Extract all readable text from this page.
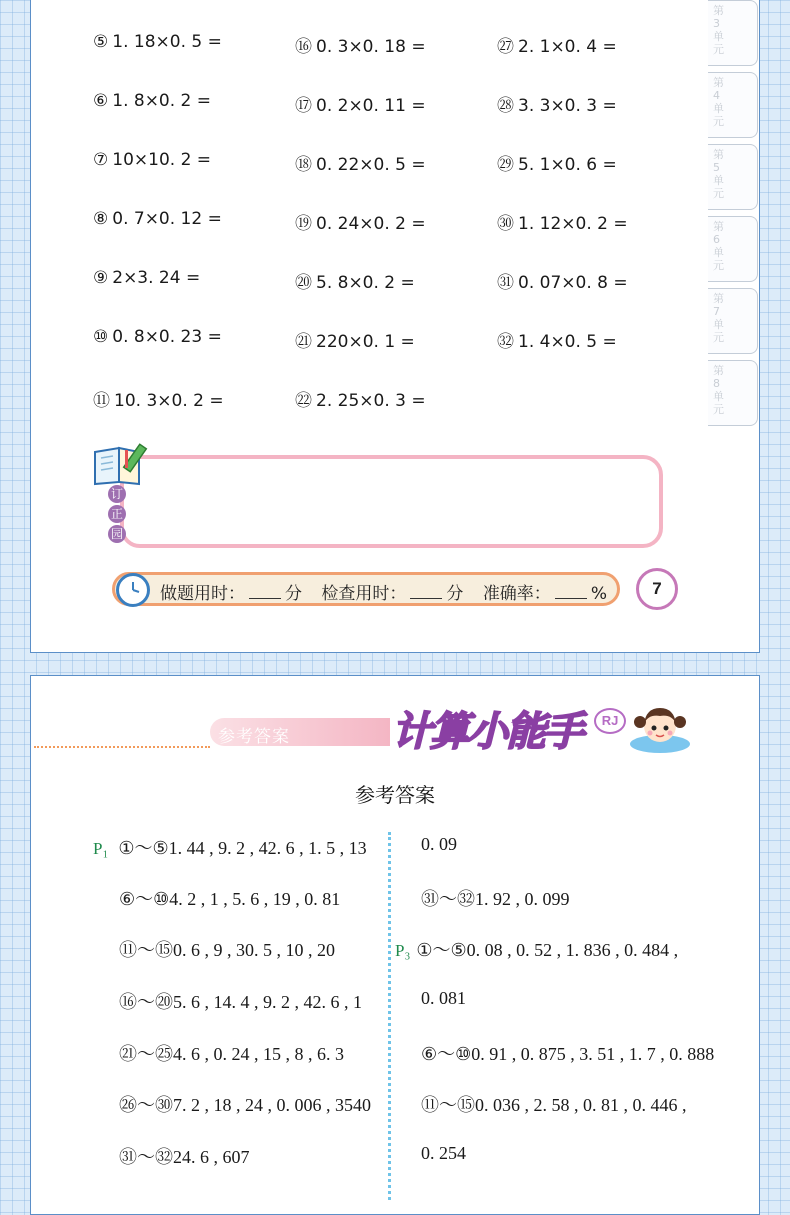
第3单元
第4单元
第5单元
第6单元
第7单元
第8单元
⑤ 1. 18×0. 5 =
⑥ 1. 8×0. 2 =
⑦ 10×10. 2 =
⑧ 0. 7×0. 12 =
⑨ 2×3. 24 =
⑩ 0. 8×0. 23 =
⑪ 10. 3×0. 2 =
⑯ 0. 3×0. 18 =
⑰ 0. 2×0. 11 =
⑱ 0. 22×0. 5 =
⑲ 0. 24×0. 2 =
⑳ 5. 8×0. 2 =
㉑ 220×0. 1 =
㉒ 2. 25×0. 3 =
㉗ 2. 1×0. 4 =
㉘ 3. 3×0. 3 =
㉙ 5. 1×0. 6 =
㉚ 1. 12×0. 2 =
㉛ 0. 07×0. 8 =
㉜ 1. 4×0. 5 =
订
正
园
做题用时： 分 检查用时： 分 准确率： %	7
参考答案	计算小能手	RJ
参考答案
P₁ ①～⑤1. 44 , 9. 2 , 42. 6 , 1. 5 , 13
⑥～⑩4. 2 , 1 , 5. 6 , 19 , 0. 81
⑪～⑮0. 6 , 9 , 30. 5 , 10 , 20
⑯～⑳5. 6 , 14. 4 , 9. 2 , 42. 6 , 1
㉑～㉕4. 6 , 0. 24 , 15 , 8 , 6. 3
㉖～㉚7. 2 , 18 , 24 , 0. 006 , 3540
㉛～㉜24. 6 , 607
0. 09
㉛～㉜1. 92 , 0. 099
P₃ ①～⑤0. 08 , 0. 52 , 1. 836 , 0. 484 ,
0. 081
⑥～⑩0. 91 , 0. 875 , 3. 51 , 1. 7 , 0. 888
⑪～⑮0. 036 , 2. 58 , 0. 81 , 0. 446 ,
0. 254
